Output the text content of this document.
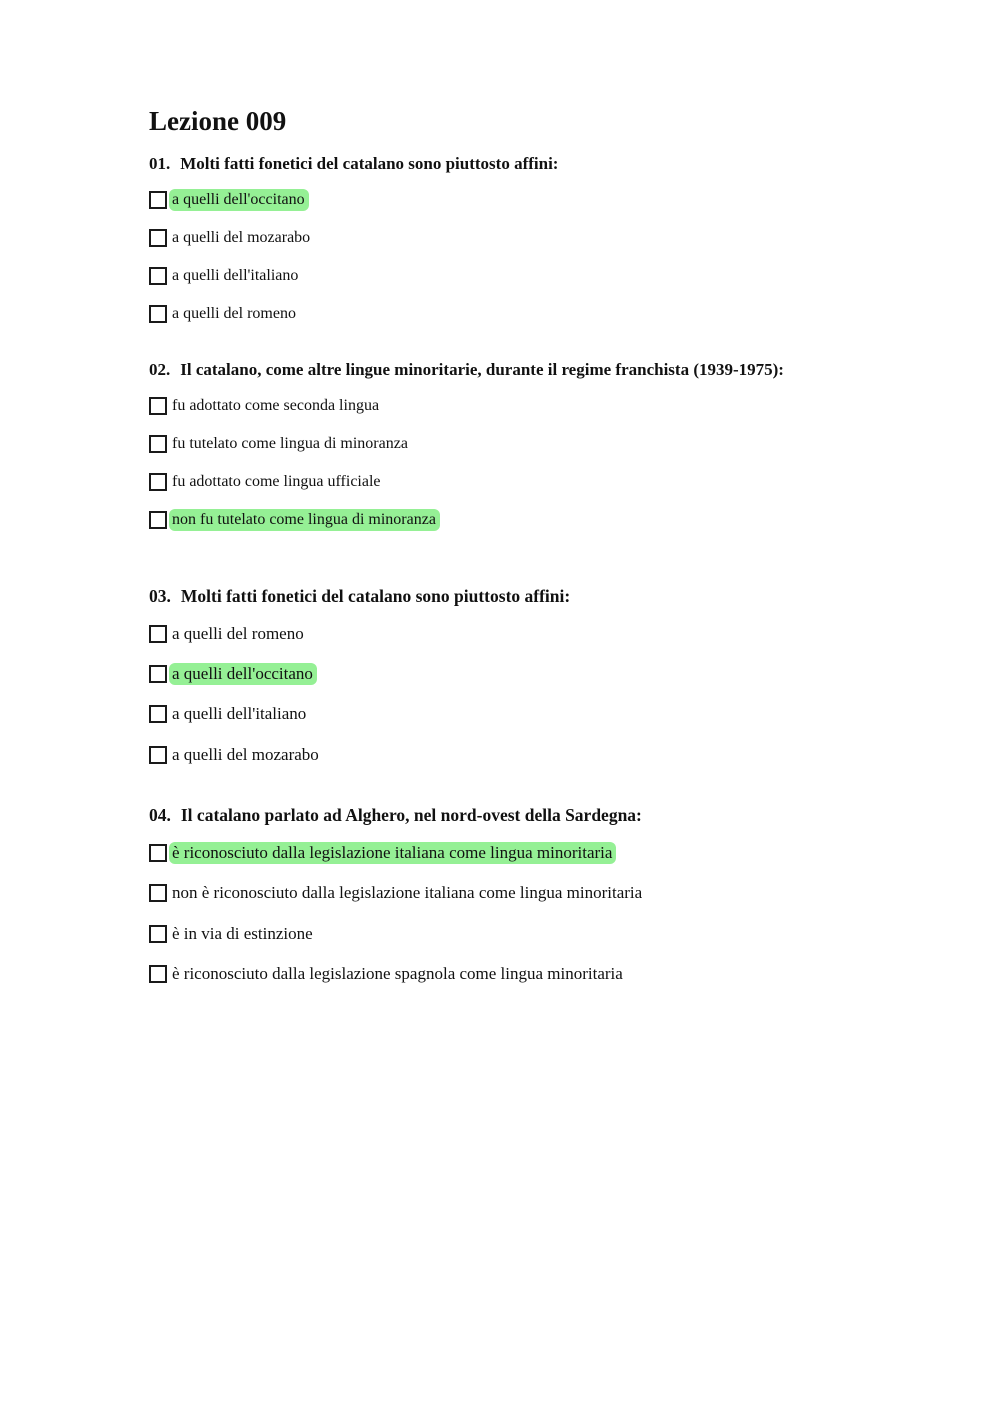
Lezione 009

01. Molti fatti fonetici del catalano sono piuttosto affini:

a quelli dell'occitano
a quelli del mozarabo
a quelli dell'italiano
a quelli del romeno

02. Il catalano, come altre lingue minoritarie, durante il regime franchista (1939-1975):

fu adottato come seconda lingua
fu tutelato come lingua di minoranza
fu adottato come lingua ufficiale
non fu tutelato come lingua di minoranza

03. Molti fatti fonetici del catalano sono piuttosto affini:

a quelli del romeno
a quelli dell'occitano
a quelli dell'italiano
a quelli del mozarabo

04. Il catalano parlato ad Alghero, nel nord-ovest della Sardegna:

è riconosciuto dalla legislazione italiana come lingua minoritaria
non è riconosciuto dalla legislazione italiana come lingua minoritaria
è in via di estinzione
è riconosciuto dalla legislazione spagnola come lingua minoritaria
